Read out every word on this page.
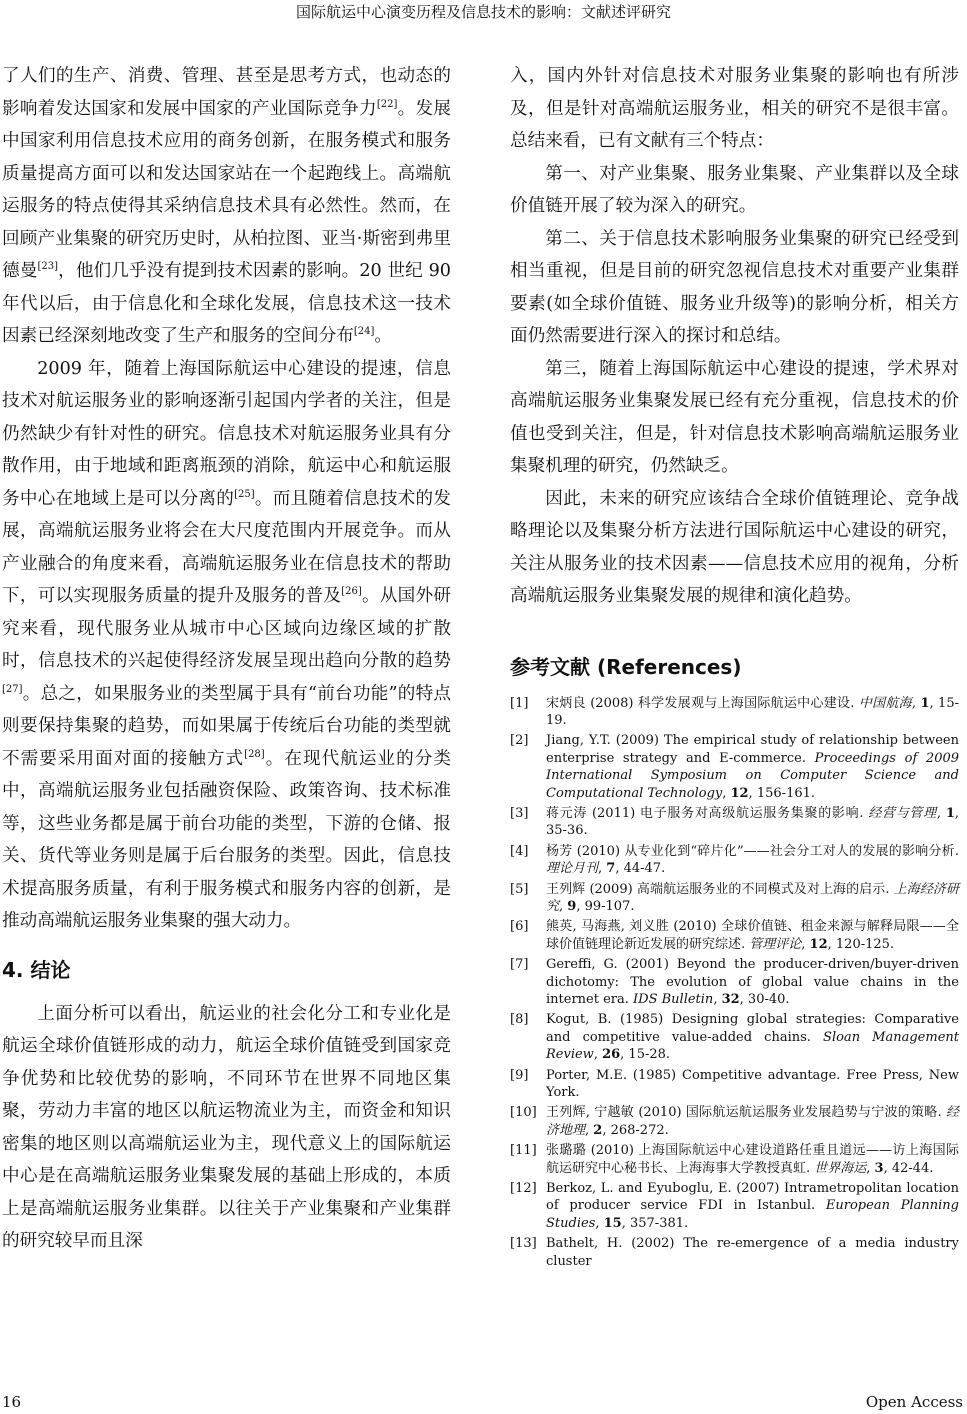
国际航运中心演变历程及信息技术的影响：文献述评研究

了人们的生产、消费、管理、甚至是思考方式，也动态的影响着发达国家和发展中国家的产业国际竞争力[22]。发展中国家利用信息技术应用的商务创新，在服务模式和服务质量提高方面可以和发达国家站在一个起跑线上。高端航运服务的特点使得其采纳信息技术具有必然性。然而，在回顾产业集聚的研究历史时，从柏拉图、亚当·斯密到弗里德曼[23]，他们几乎没有提到技术因素的影响。20 世纪 90 年代以后，由于信息化和全球化发展，信息技术这一技术因素已经深刻地改变了生产和服务的空间分布[24]。

2009 年，随着上海国际航运中心建设的提速，信息技术对航运服务业的影响逐渐引起国内学者的关注，但是仍然缺少有针对性的研究。信息技术对航运服务业具有分散作用，由于地域和距离瓶颈的消除，航运中心和航运服务中心在地域上是可以分离的[25]。而且随着信息技术的发展，高端航运服务业将会在大尺度范围内开展竞争。而从产业融合的角度来看，高端航运服务业在信息技术的帮助下，可以实现服务质量的提升及服务的普及[26]。从国外研究来看，现代服务业从城市中心区域向边缘区域的扩散时，信息技术的兴起使得经济发展呈现出趋向分散的趋势[27]。总之，如果服务业的类型属于具有“前台功能”的特点则要保持集聚的趋势，而如果属于传统后台功能的类型就不需要采用面对面的接触方式[28]。在现代航运业的分类中，高端航运服务业包括融资保险、政策咨询、技术标准等，这些业务都是属于前台功能的类型，下游的仓储、报关、货代等业务则是属于后台服务的类型。因此，信息技术提高服务质量，有利于服务模式和服务内容的创新，是推动高端航运服务业集聚的强大动力。

4. 结论

上面分析可以看出，航运业的社会化分工和专业化是航运全球价值链形成的动力，航运全球价值链受到国家竞争优势和比较优势的影响，不同环节在世界不同地区集聚，劳动力丰富的地区以航运物流业为主，而资金和知识密集的地区则以高端航运业为主，现代意义上的国际航运中心是在高端航运服务业集聚发展的基础上形成的，本质上是高端航运服务业集群。以往关于产业集聚和产业集群的研究较早而且深

入，国内外针对信息技术对服务业集聚的影响也有所涉及，但是针对高端航运服务业，相关的研究不是很丰富。总结来看，已有文献有三个特点：

第一、对产业集聚、服务业集聚、产业集群以及全球价值链开展了较为深入的研究。

第二、关于信息技术影响服务业集聚的研究已经受到相当重视，但是目前的研究忽视信息技术对重要产业集群要素(如全球价值链、服务业升级等)的影响分析，相关方面仍然需要进行深入的探讨和总结。

第三，随着上海国际航运中心建设的提速，学术界对高端航运服务业集聚发展已经有充分重视，信息技术的价值也受到关注，但是，针对信息技术影响高端航运服务业集聚机理的研究，仍然缺乏。

因此，未来的研究应该结合全球价值链理论、竞争战略理论以及集聚分析方法进行国际航运中心建设的研究，关注从服务业的技术因素——信息技术应用的视角，分析高端航运服务业集聚发展的规律和演化趋势。

参考文献 (References)
[1]	宋炳良 (2008) 科学发展观与上海国际航运中心建设. 中国航海, 1, 15-19.
[2]	Jiang, Y.T. (2009) The empirical study of relationship between enterprise strategy and E-commerce. Proceedings of 2009 International Symposium on Computer Science and Computational Technology, 12, 156-161.
[3]	蒋元涛 (2011) 电子服务对高级航运服务集聚的影响. 经营与管理, 1, 35-36.
[4]	杨芳 (2010) 从专业化到“碎片化”——社会分工对人的发展的影响分析. 理论月刊, 7, 44-47.
[5]	王列辉 (2009) 高端航运服务业的不同模式及对上海的启示. 上海经济研究, 9, 99-107.
[6]	熊英, 马海燕, 刘义胜 (2010) 全球价值链、租金来源与解释局限——全球价值链理论新近发展的研究综述. 管理评论, 12, 120-125.
[7]	Gereffi, G. (2001) Beyond the producer-driven/buyer-driven dichotomy: The evolution of global value chains in the internet era. IDS Bulletin, 32, 30-40.
[8]	Kogut, B. (1985) Designing global strategies: Comparative and competitive value-added chains. Sloan Management Review, 26, 15-28.
[9]	Porter, M.E. (1985) Competitive advantage. Free Press, New York.
[10] 王列辉, 宁越敏 (2010) 国际航运航运服务业发展趋势与宁波的策略. 经济地理, 2, 268-272.
[11] 张璐璐 (2010) 上海国际航运中心建设道路任重且道远——访上海国际航运研究中心秘书长、上海海事大学教授真虹. 世界海运, 3, 42-44.
[12] Berkoz, L. and Eyuboglu, E. (2007) Intrametropolitan location of producer service FDI in Istanbul. European Planning Studies, 15, 357-381.
[13] Bathelt, H. (2002) The re-emergence of a media industry cluster
16	Open Access
